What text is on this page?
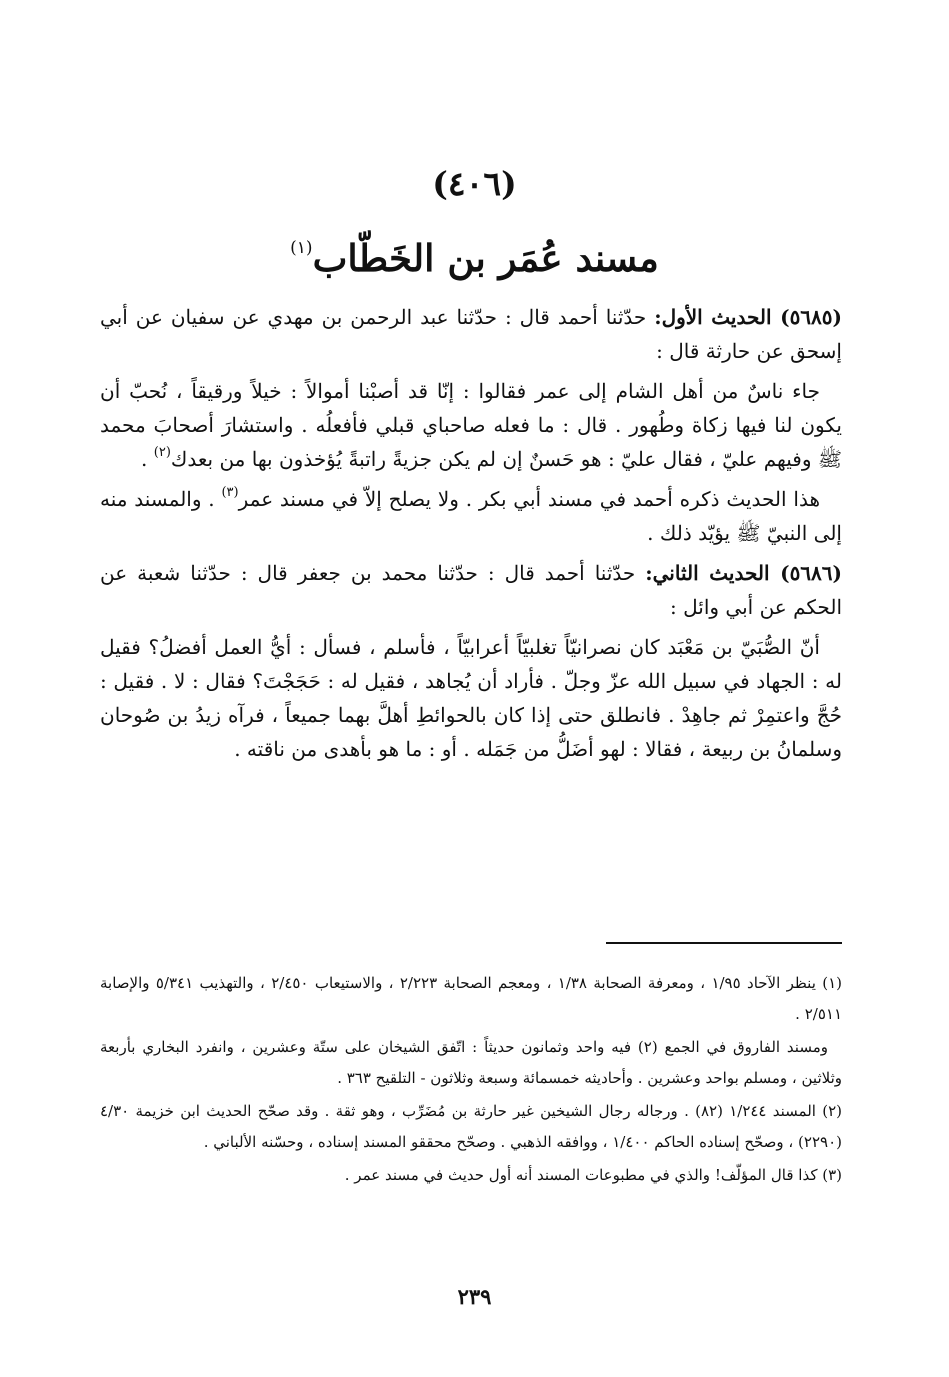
(٤٠٦)
مسند عُمَر بن الخَطّاب$^{(١)}$

(٥٦٨٥) الحديث الأول: حدّثنا أحمد قال : حدّثنا عبد الرحمن بن مهدي عن سفيان عن أبي إسحق عن حارثة قال :

جاء ناسٌ من أهل الشام إلى عمر فقالوا : إنّا قد أصبْنا أموالاً : خيلاً ورقيقاً ، نُحبّ أن يكون لنا فيها زكاة وطُهور . قال : ما فعله صاحباي قبلي فأفعلُه . واستشارَ أصحابَ محمد ﷺ وفيهم عليّ ، فقال عليّ : هو حَسنٌ إن لم يكن جزيةً راتبةً يُؤخذون بها من بعدك$^{(٢)}$ .

هذا الحديث ذكره أحمد في مسند أبي بكر . ولا يصلح إلاّ في مسند عمر$^{(٣)}$ . والمسند منه إلى النبيّ ﷺ يؤيّد ذلك .

(٥٦٨٦) الحديث الثاني: حدّثنا أحمد قال : حدّثنا محمد بن جعفر قال : حدّثنا شعبة عن الحكم عن أبي وائل :

أنّ الصُّبَيّ بن مَعْبَد كان نصرانيّاً تغلبيّاً أعرابيّاً ، فأسلم ، فسأل : أيُّ العمل أفضلُ؟ فقيل له : الجهاد في سبيل الله عزّ وجلّ . فأراد أن يُجاهد ، فقيل له : حَجَجْتَ؟ فقال : لا . فقيل : حُجَّ واعتمِرْ ثم جاهِدْ . فانطلق حتى إذا كان بالحوائطِ أهلَّ بهما جميعاً ، فرآه زيدُ بن صُوحان وسلمانُ بن ربيعة ، فقالا : لهو أضَلُّ من جَمَله . أو : ما هو بأهدى من ناقته .

(١) ينظر الآحاد ١/٩٥ ، ومعرفة الصحابة ١/٣٨ ، ومعجم الصحابة ٢/٢٢٣ ، والاستيعاب ٢/٤٥٠ ، والتهذيب ٥/٣٤١ والإصابة ٢/٥١١ .

ومسند الفاروق في الجمع (٢) فيه واحد وثمانون حديثاً : اتّفق الشيخان على ستّة وعشرين ، وانفرد البخاري بأربعة وثلاثين ، ومسلم بواحد وعشرين . وأحاديثه خمسمائة وسبعة وثلاثون - التلقيح ٣٦٣ .

(٢) المسند ١/٢٤٤ (٨٢) . ورجاله رجال الشيخين غير حارثة بن مُضَرِّب ، وهو ثقة . وقد صحّح الحديث ابن خزيمة ٤/٣٠ (٢٢٩٠) ، وصحّح إسناده الحاكم ١/٤٠٠ ، ووافقه الذهبي . وصحّح محققو المسند إسناده ، وحسّنه الألباني .

(٣) كذا قال المؤلّف! والذي في مطبوعات المسند أنه أول حديث في مسند عمر .

٢٣٩
